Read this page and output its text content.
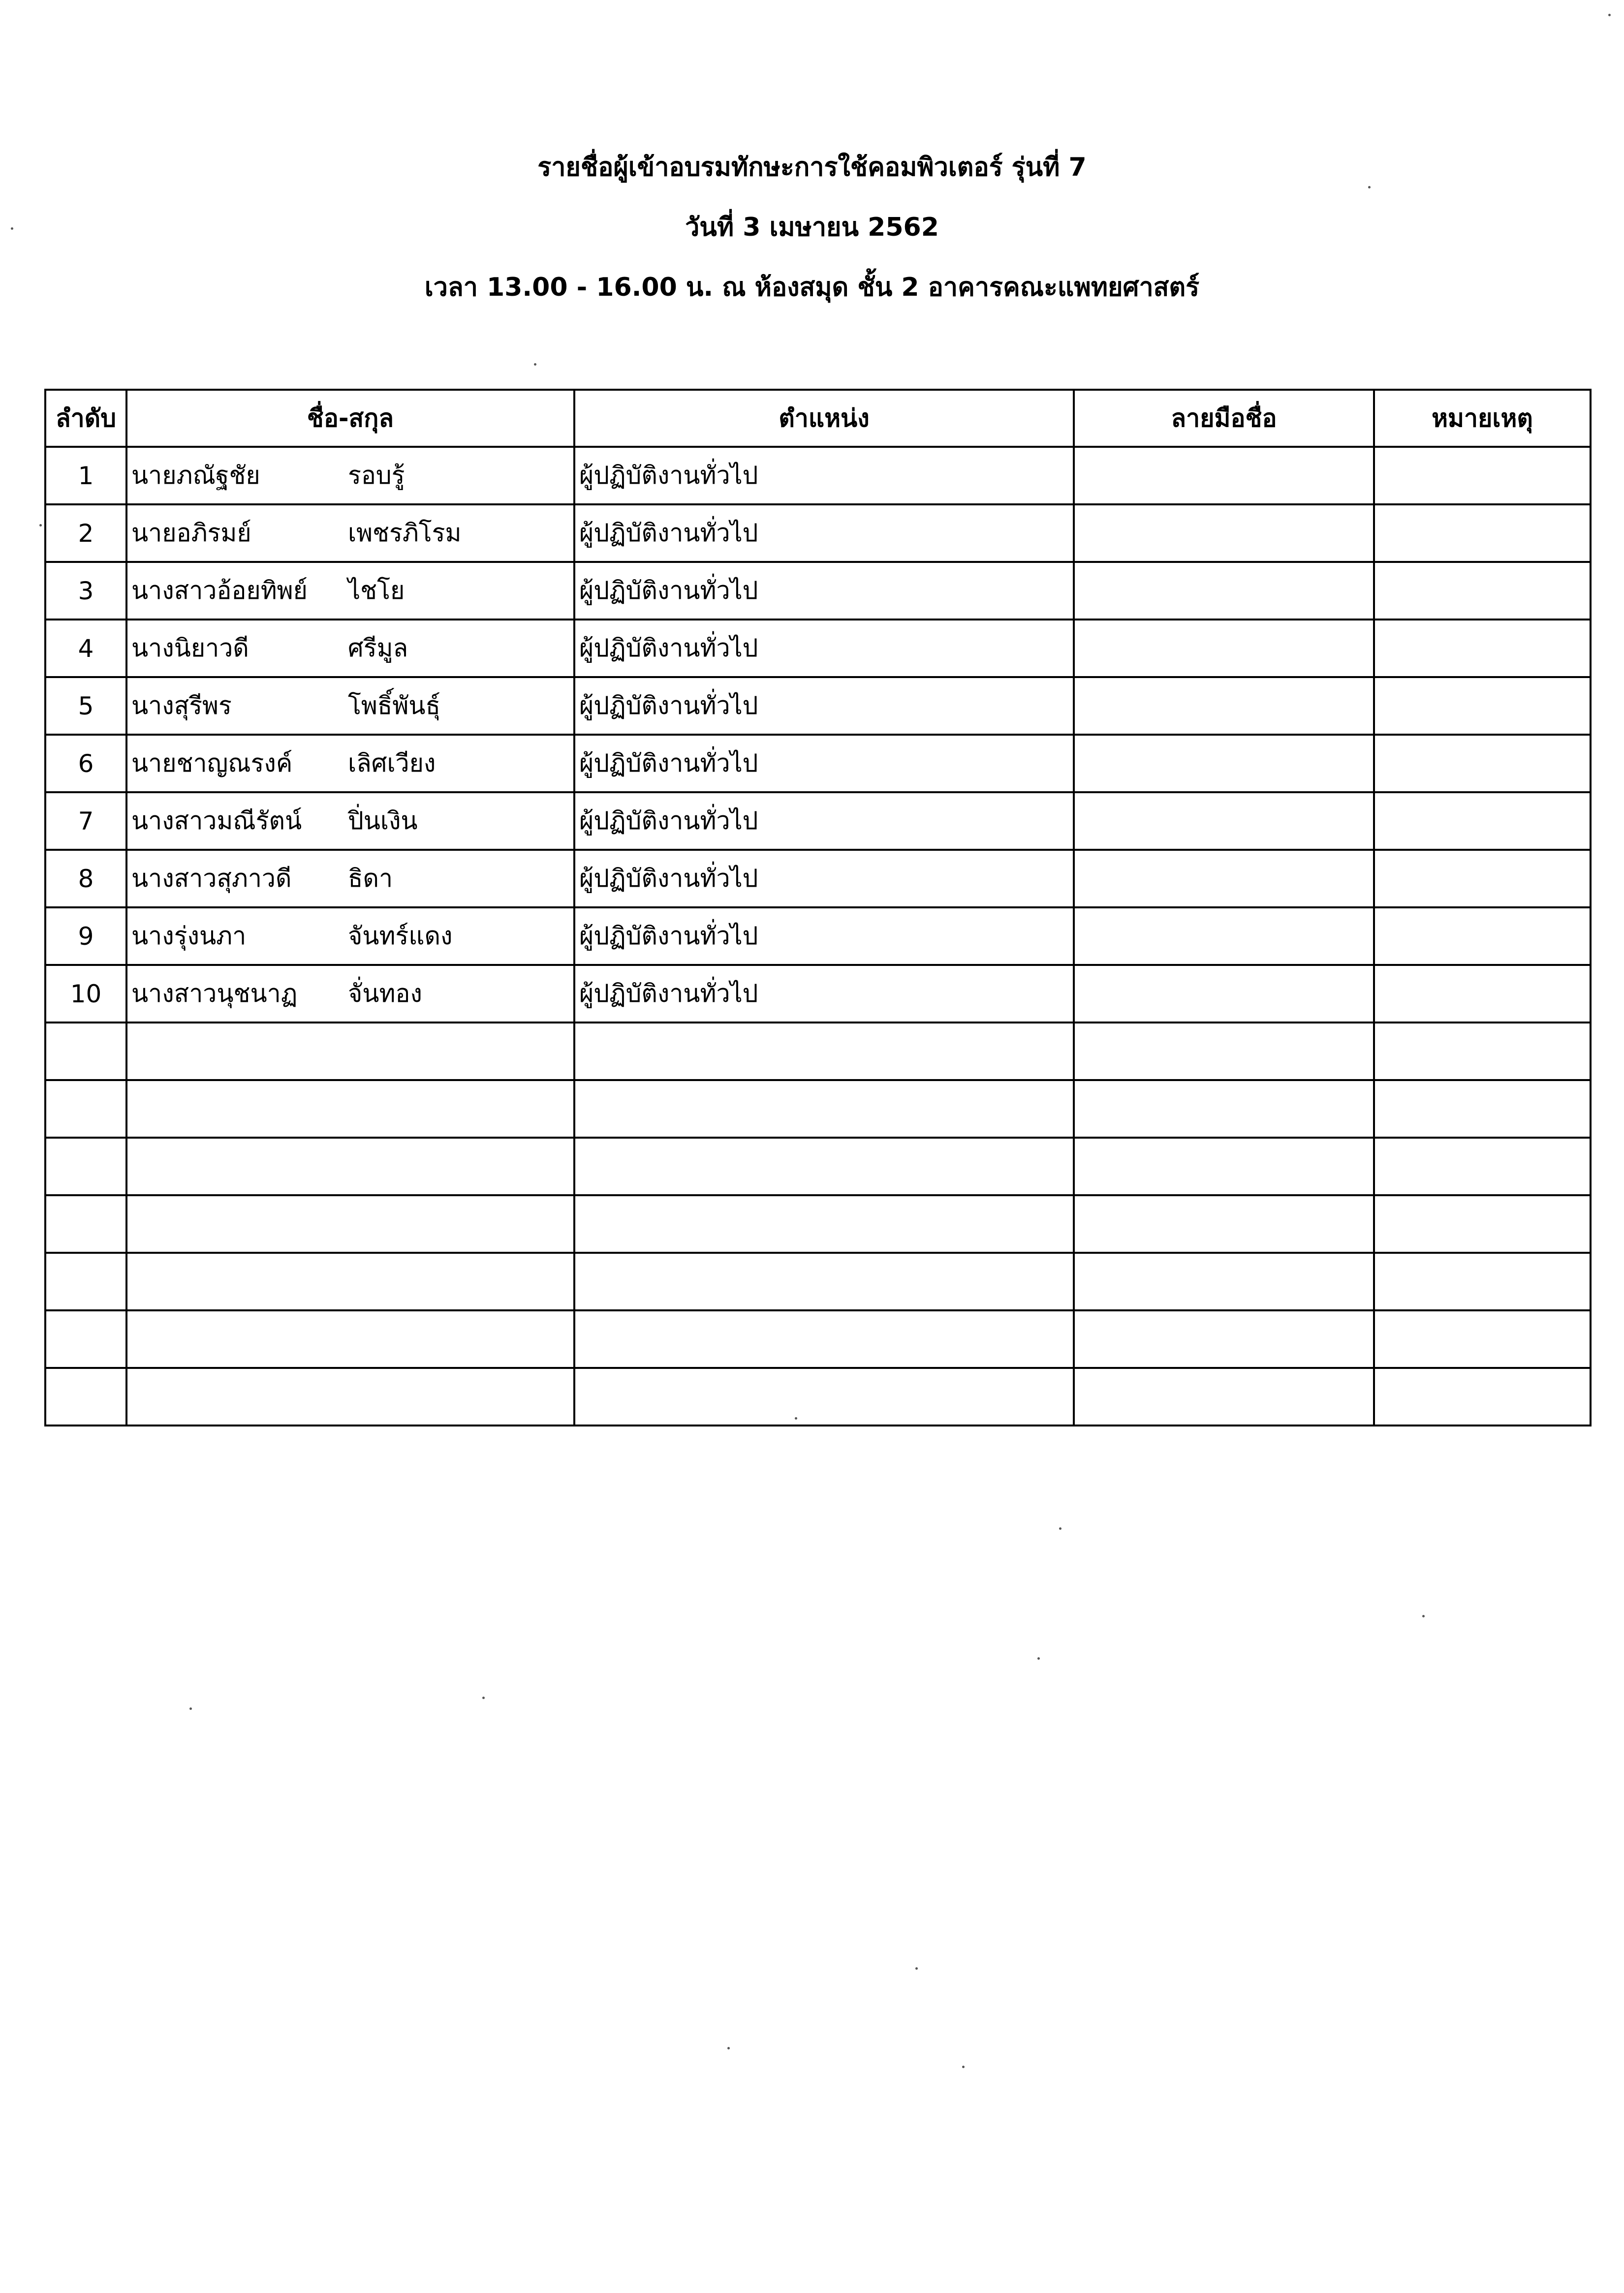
รายชื่อผู้เข้าอบรมทักษะการใช้คอมพิวเตอร์ รุ่นที่ 7
วันที่ 3 เมษายน 2562
เวลา 13.00 - 16.00 น. ณ ห้องสมุด ชั้น 2 อาคารคณะแพทยศาสตร์
ลำดับ	ชื่อ-สกุล	ตำแหน่ง	ลายมือชื่อ	หมายเหตุ
1	นายภณัฐชัย รอบรู้	ผู้ปฏิบัติงานทั่วไป		
2	นายอภิรมย์ เพชรภิโรม	ผู้ปฏิบัติงานทั่วไป		
3	นางสาวอ้อยทิพย์ ไชโย	ผู้ปฏิบัติงานทั่วไป		
4	นางนิยาวดี ศรีมูล	ผู้ปฏิบัติงานทั่วไป		
5	นางสุรีพร โพธิ์พันธุ์	ผู้ปฏิบัติงานทั่วไป		
6	นายชาญณรงค์ เลิศเวียง	ผู้ปฏิบัติงานทั่วไป		
7	นางสาวมณีรัตน์ ปิ่นเงิน	ผู้ปฏิบัติงานทั่วไป		
8	นางสาวสุภาวดี ธิดา	ผู้ปฏิบัติงานทั่วไป		
9	นางรุ่งนภา จันทร์แดง	ผู้ปฏิบัติงานทั่วไป		
10	นางสาวนุชนาฏ จั่นทอง	ผู้ปฏิบัติงานทั่วไป		
